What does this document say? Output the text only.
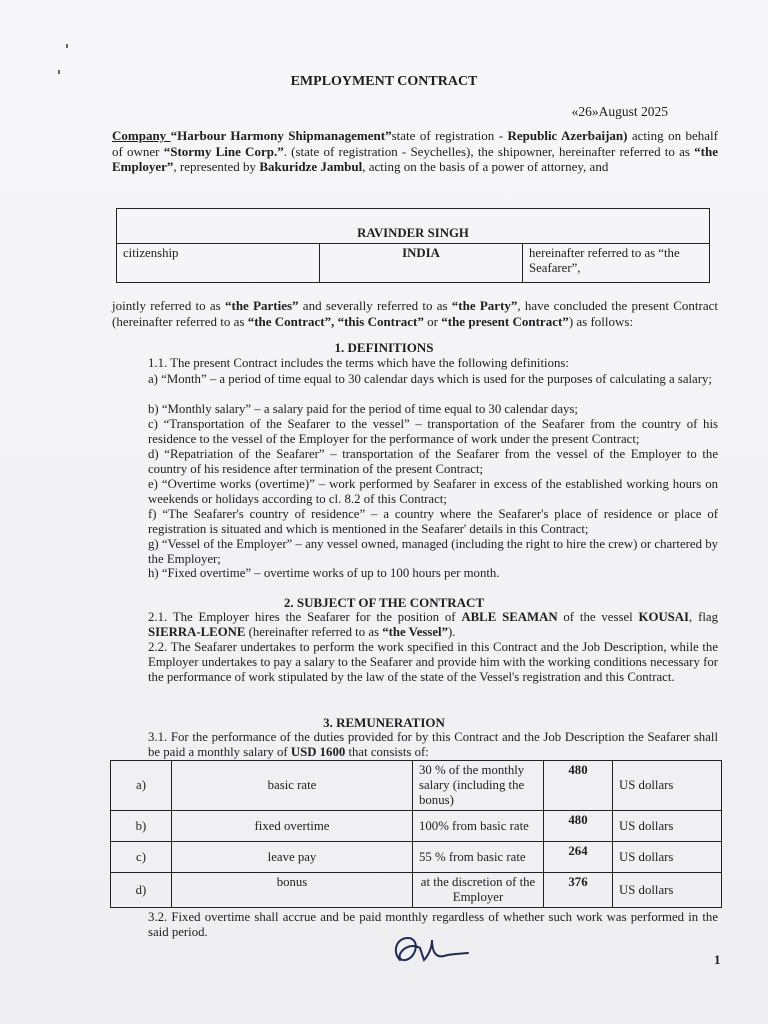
EMPLOYMENT CONTRACT
«26»August 2025
Company “Harbour Harmony Shipmanagement”state of registration - Republic Azerbaijan) acting on behalf of owner “Stormy Line Corp.”. (state of registration - Seychelles), the shipowner, hereinafter referred to as “the Employer”, represented by Bakuridze Jambul, acting on the basis of a power of attorney, and
RAVINDER SINGH
citizenship	INDIA	hereinafter referred to as “the Seafarer”,
jointly referred to as “the Parties” and severally referred to as “the Party”, have concluded the present Contract (hereinafter referred to as “the Contract”, “this Contract” or “the present Contract”) as follows:
1. DEFINITIONS
1.1. The present Contract includes the terms which have the following definitions:
a) “Month” – a period of time equal to 30 calendar days which is used for the purposes of calculating a salary;
b) “Monthly salary” – a salary paid for the period of time equal to 30 calendar days;
c) “Transportation of the Seafarer to the vessel” – transportation of the Seafarer from the country of his residence to the vessel of the Employer for the performance of work under the present Contract;
d) “Repatriation of the Seafarer” – transportation of the Seafarer from the vessel of the Employer to the country of his residence after termination of the present Contract;
e) “Overtime works (overtime)” – work performed by Seafarer in excess of the established working hours on weekends or holidays according to cl. 8.2 of this Contract;
f) “The Seafarer's country of residence” – a country where the Seafarer's place of residence or place of registration is situated and which is mentioned in the Seafarer' details in this Contract;
g) “Vessel of the Employer” – any vessel owned, managed (including the right to hire the crew) or chartered by the Employer;
h) “Fixed overtime” – overtime works of up to 100 hours per month.
2. SUBJECT OF THE CONTRACT
2.1. The Employer hires the Seafarer for the position of ABLE SEAMAN of the vessel KOUSAI, flag SIERRA-LEONE (hereinafter referred to as “the Vessel”).
2.2. The Seafarer undertakes to perform the work specified in this Contract and the Job Description, while the Employer undertakes to pay a salary to the Seafarer and provide him with the working conditions necessary for the performance of work stipulated by the law of the state of the Vessel's registration and this Contract.
3. REMUNERATION
3.1. For the performance of the duties provided for by this Contract and the Job Description the Seafarer shall be paid a monthly salary of USD 1600 that consists of:
a)	basic rate	30 % of the monthly salary (including the bonus)	480	US dollars
b)	fixed overtime	100% from basic rate	480	US dollars
c)	leave pay	55 % from basic rate	264	US dollars
d)	bonus	at the discretion of the Employer	376	US dollars
3.2. Fixed overtime shall accrue and be paid monthly regardless of whether such work was performed in the said period.
1
